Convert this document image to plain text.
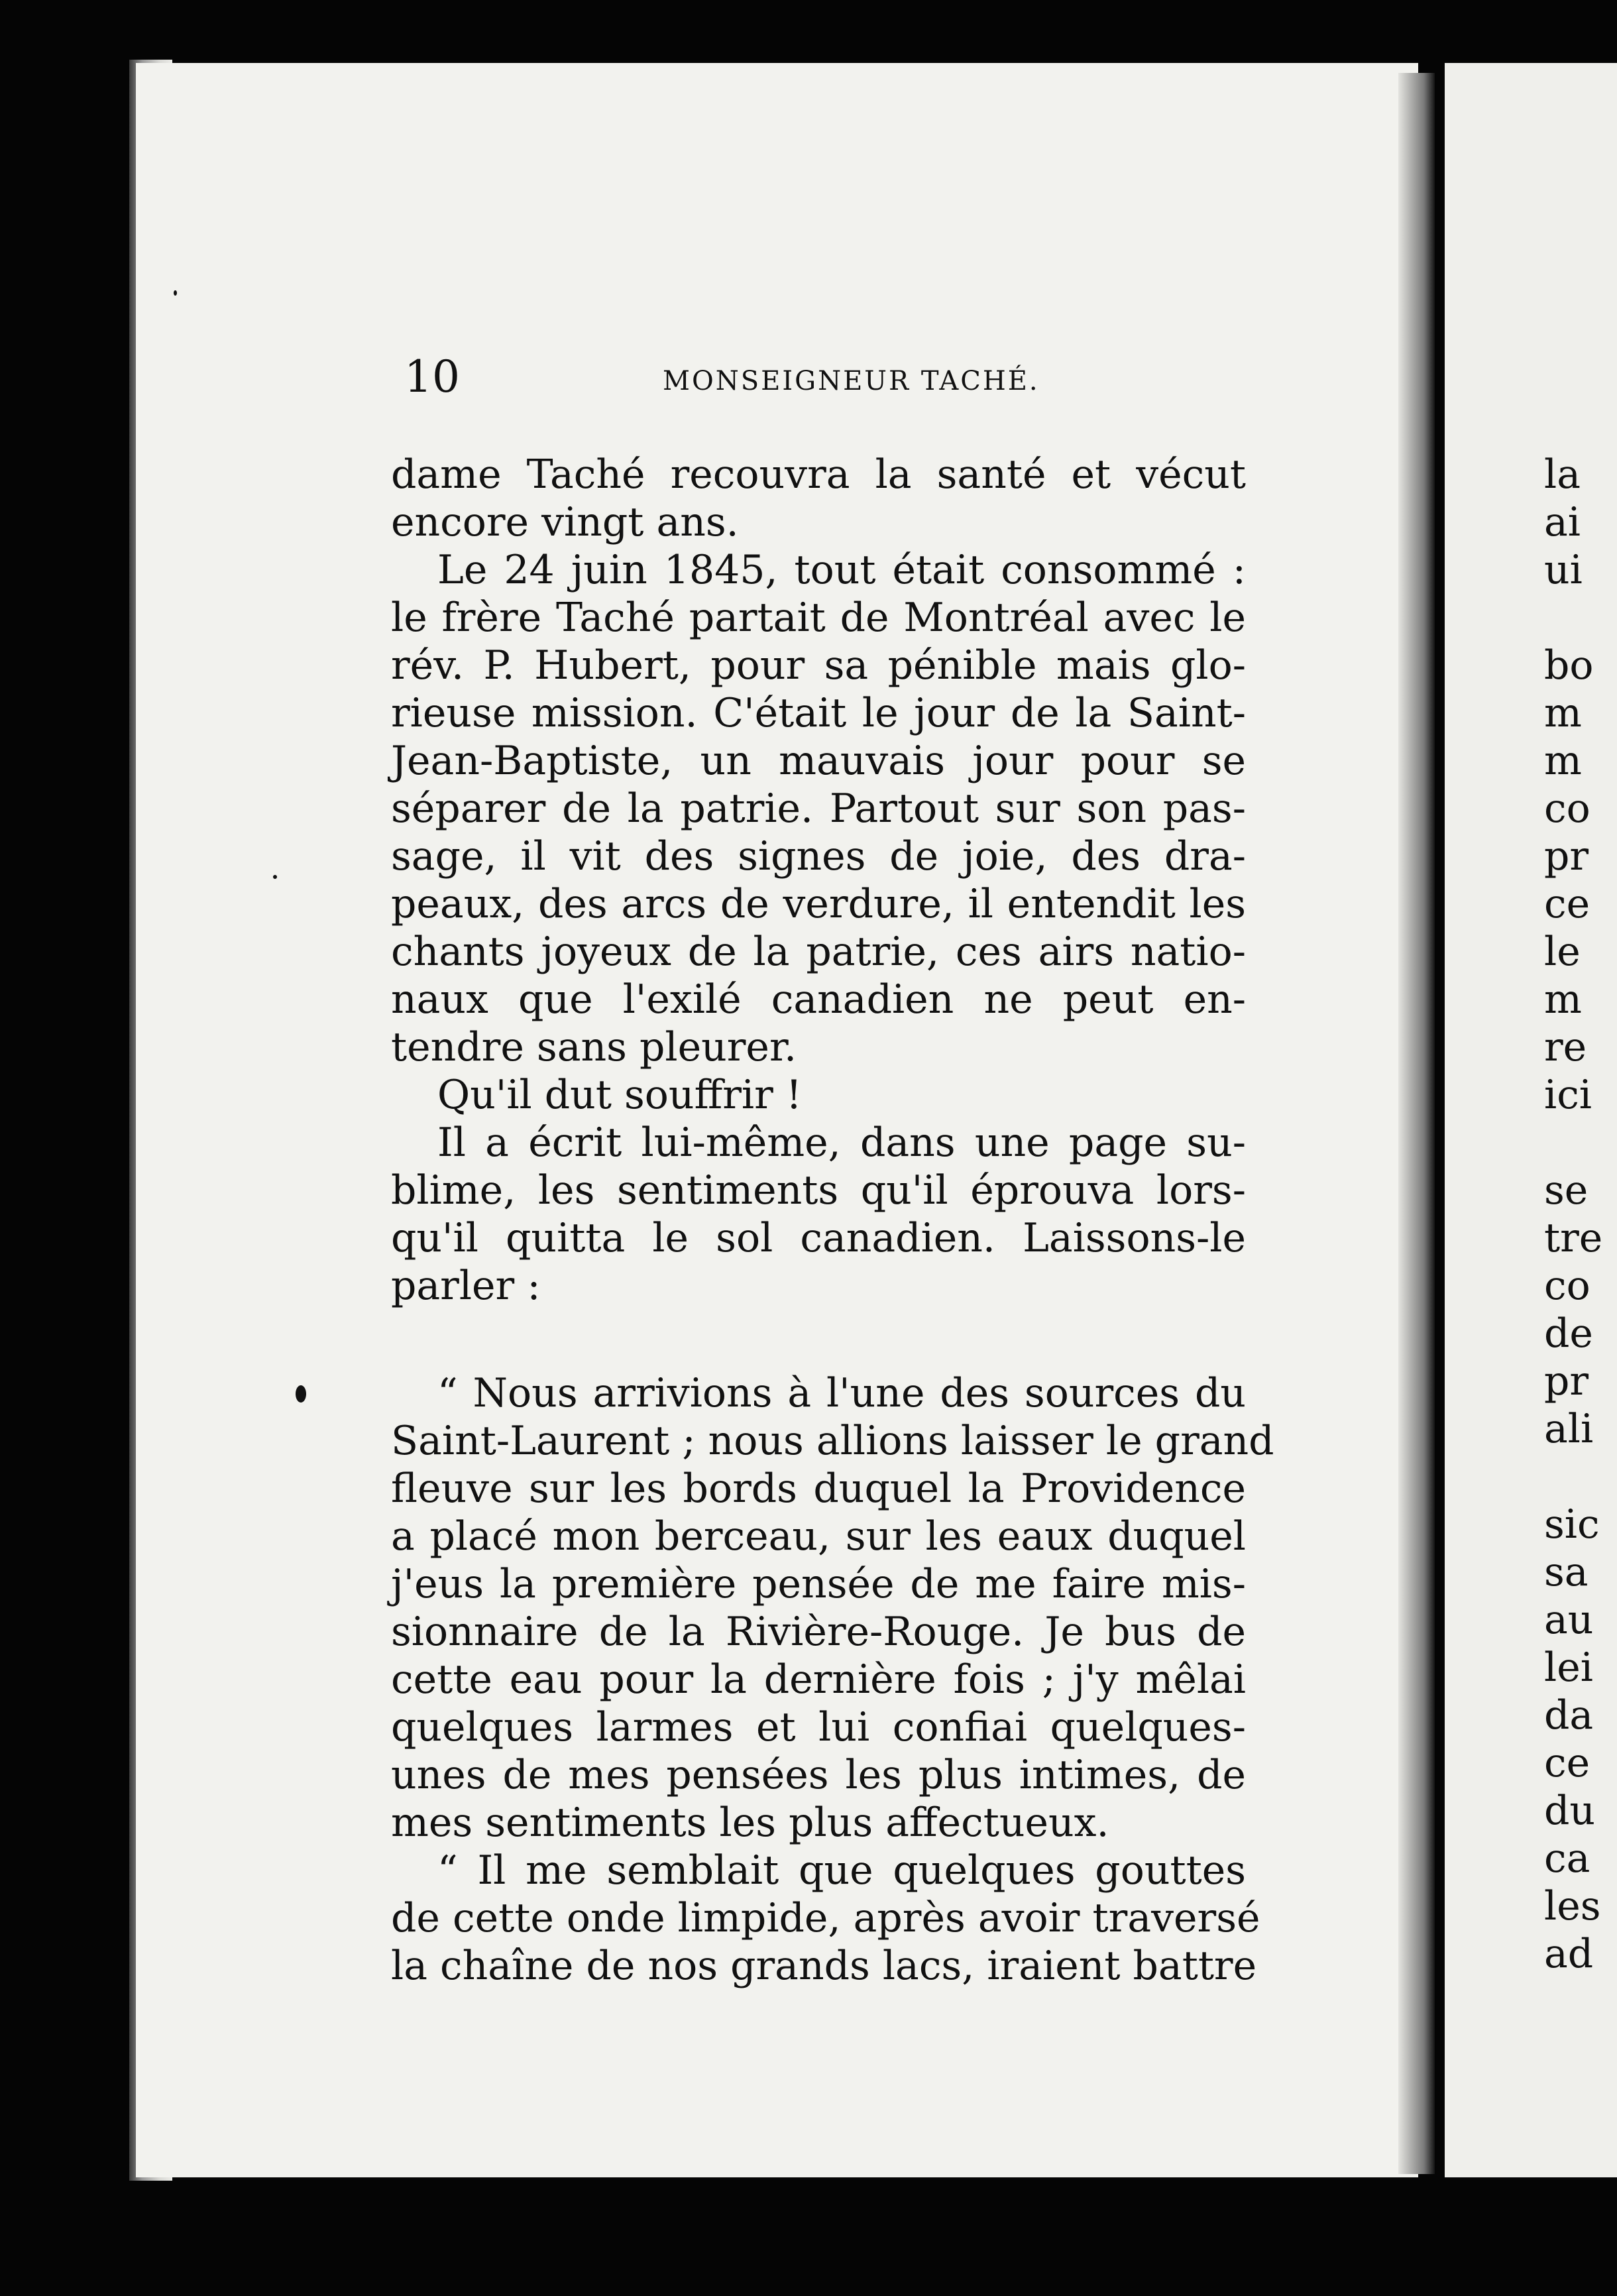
10	MONSEIGNEUR TACHÉ.
dame Taché recouvra la santé et vécut
encore vingt ans.
Le 24 juin 1845, tout était consommé :
le frère Taché partait de Montréal avec le
rév. P. Hubert, pour sa pénible mais glo-
rieuse mission. C'était le jour de la Saint-
Jean-Baptiste, un mauvais jour pour se
séparer de la patrie. Partout sur son pas-
sage, il vit des signes de joie, des dra-
peaux, des arcs de verdure, il entendit les
chants joyeux de la patrie, ces airs natio-
naux que l'exilé canadien ne peut en-
tendre sans pleurer.
Qu'il dut souffrir !
Il a écrit lui-même, dans une page su-
blime, les sentiments qu'il éprouva lors-
qu'il quitta le sol canadien. Laissons-le
parler :
“ Nous arrivions à l'une des sources du
Saint-Laurent ; nous allions laisser le grand
fleuve sur les bords duquel la Providence
a placé mon berceau, sur les eaux duquel
j'eus la première pensée de me faire mis-
sionnaire de la Rivière-Rouge. Je bus de
cette eau pour la dernière fois ; j'y mêlai
quelques larmes et lui confiai quelques-
unes de mes pensées les plus intimes, de
mes sentiments les plus affectueux.
“ Il me semblait que quelques gouttes
de cette onde limpide, après avoir traversé
la chaîne de nos grands lacs, iraient battre
la
ai
ui
bo
m
m
co
pr
ce
le
m
re
ici
se
tre
co
de
pr
ali
sic
sa
au
lei
da
ce
du
ca
les
ad
